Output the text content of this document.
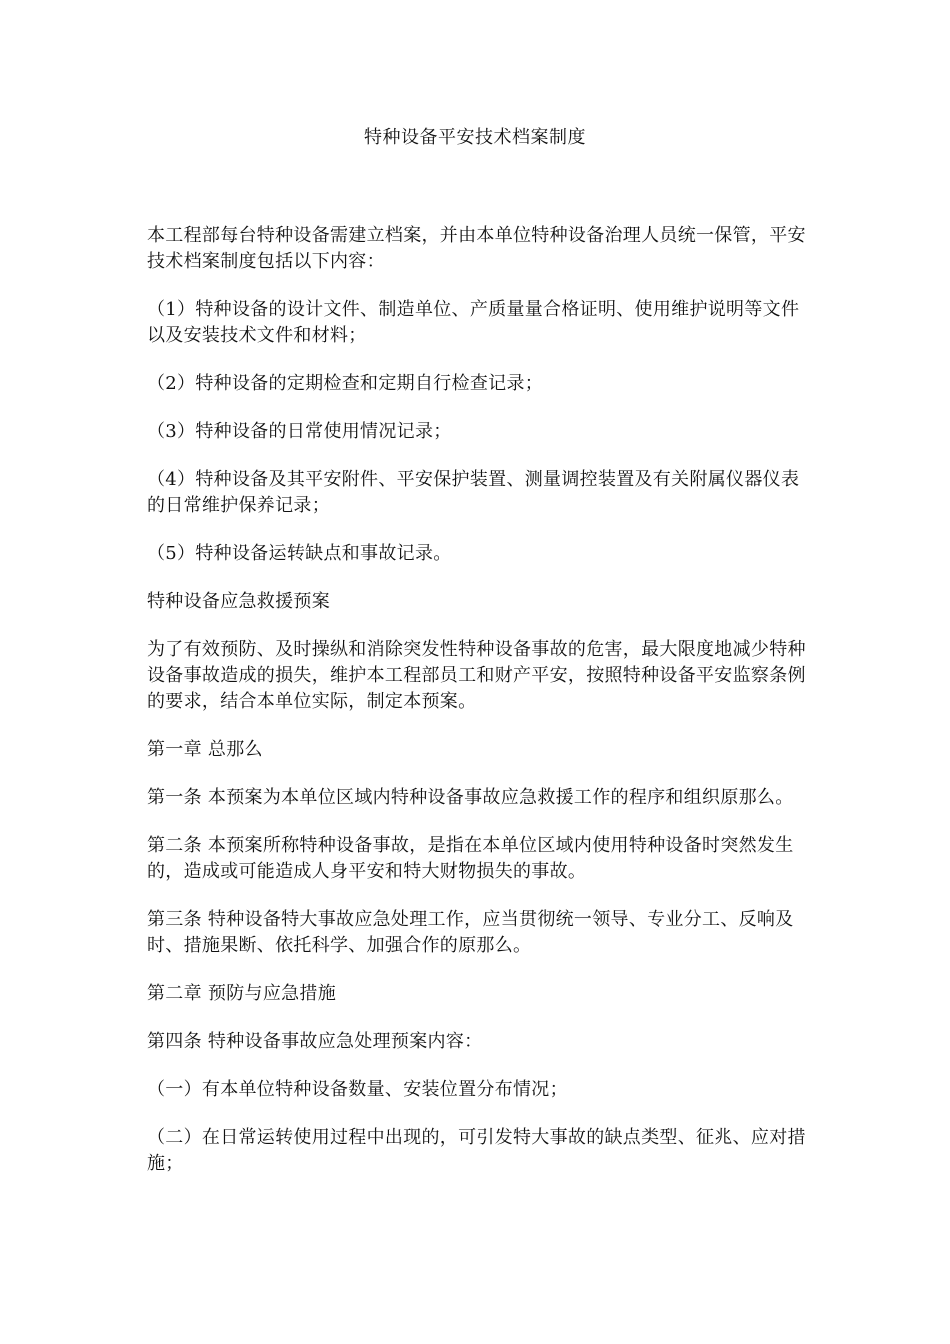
特种设备平安技术档案制度

本工程部每台特种设备需建立档案，并由本单位特种设备治理人员统一保管，平安技术档案制度包括以下内容：

（1）特种设备的设计文件、制造单位、产质量量合格证明、使用维护说明等文件以及安装技术文件和材料；

（2）特种设备的定期检查和定期自行检查记录；

（3）特种设备的日常使用情况记录；

（4）特种设备及其平安附件、平安保护装置、测量调控装置及有关附属仪器仪表的日常维护保养记录；

（5）特种设备运转缺点和事故记录。

特种设备应急救援预案

为了有效预防、及时操纵和消除突发性特种设备事故的危害，最大限度地减少特种设备事故造成的损失，维护本工程部员工和财产平安，按照特种设备平安监察条例的要求，结合本单位实际，制定本预案。

第一章 总那么

第一条 本预案为本单位区域内特种设备事故应急救援工作的程序和组织原那么。

第二条 本预案所称特种设备事故，是指在本单位区域内使用特种设备时突然发生的，造成或可能造成人身平安和特大财物损失的事故。

第三条 特种设备特大事故应急处理工作，应当贯彻统一领导、专业分工、反响及时、措施果断、依托科学、加强合作的原那么。

第二章 预防与应急措施

第四条 特种设备事故应急处理预案内容：

（一）有本单位特种设备数量、安装位置分布情况；

（二）在日常运转使用过程中出现的，可引发特大事故的缺点类型、征兆、应对措施；
